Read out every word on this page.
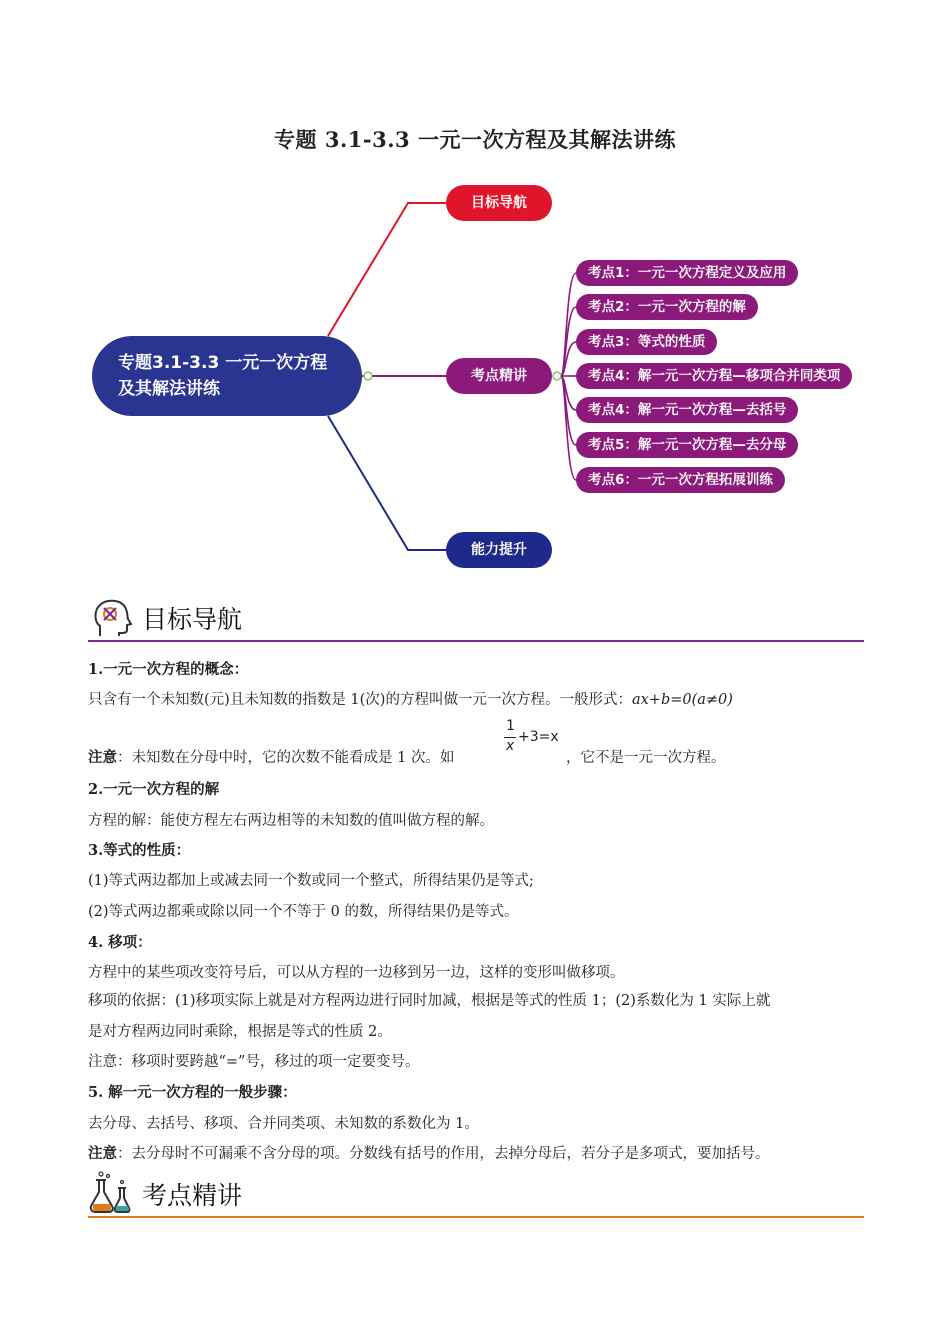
专题 3.1-3.3 一元一次方程及其解法讲练
专题3.1-3.3 一元一次方程
及其解法讲练
目标导航
考点精讲
能力提升
考点1：一元一次方程定义及应用
考点2：一元一次方程的解
考点3：等式的性质
考点4：解一元一次方程—移项合并同类项
考点4：解一元一次方程—去括号
考点5：解一元一次方程—去分母
考点6：一元一次方程拓展训练
目标导航
1.一元一次方程的概念：
只含有一个未知数(元)且未知数的指数是 1(次)的方程叫做一元一次方程。一般形式：ax+b=0(a≠0)
注意：未知数在分母中时，它的次数不能看成是 1 次。如
1
x
+3=x
，它不是一元一次方程。
2.一元一次方程的解
方程的解：能使方程左右两边相等的未知数的值叫做方程的解。
3.等式的性质：
(1)等式两边都加上或减去同一个数或同一个整式，所得结果仍是等式;
(2)等式两边都乘或除以同一个不等于 0 的数，所得结果仍是等式。
4. 移项：
方程中的某些项改变符号后，可以从方程的一边移到另一边，这样的变形叫做移项。
移项的依据：(1)移项实际上就是对方程两边进行同时加减，根据是等式的性质 1；(2)系数化为 1 实际上就
是对方程两边同时乘除，根据是等式的性质 2。
注意：移项时要跨越“=”号，移过的项一定要变号。
5. 解一元一次方程的一般步骤：
去分母、去括号、移项、合并同类项、未知数的系数化为 1。
注意：去分母时不可漏乘不含分母的项。分数线有括号的作用，去掉分母后，若分子是多项式，要加括号。
考点精讲
